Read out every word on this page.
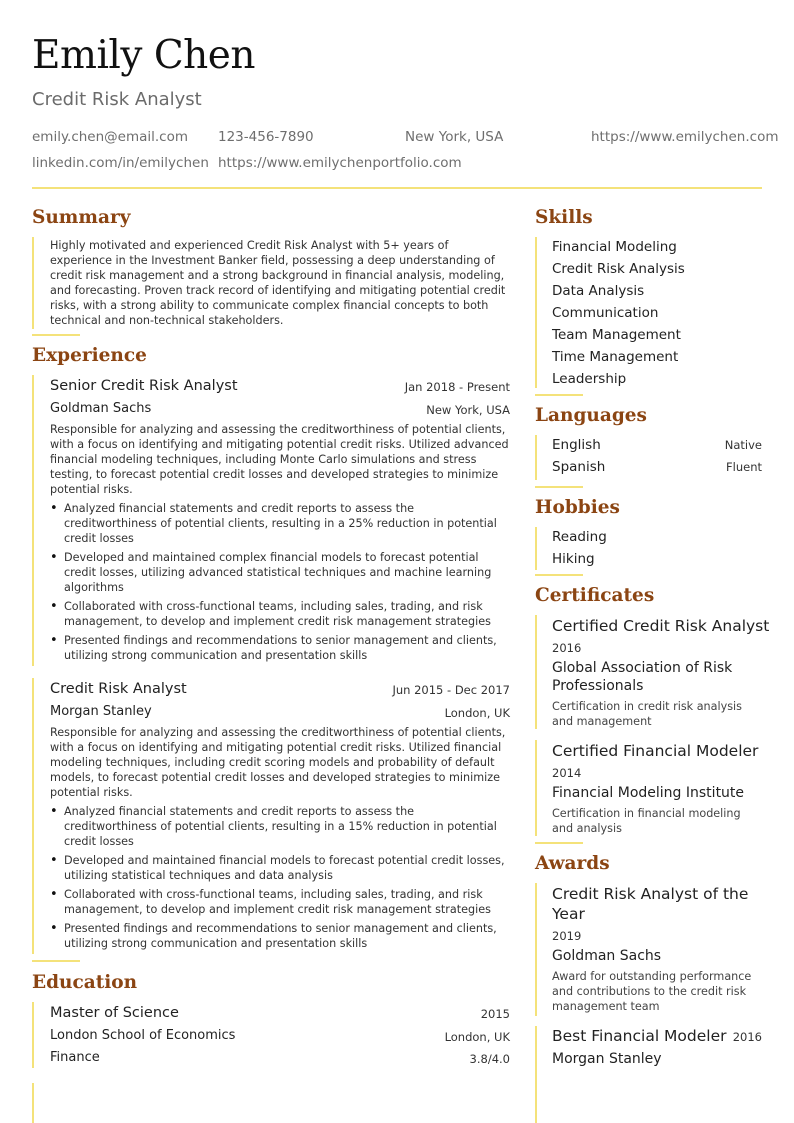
Emily Chen
Credit Risk Analyst
emily.chen@email.com 123-456-7890	New York, USA	https://www.emilychen.com
linkedin.com/in/emilychen https://www.emilychenportfolio.com
Summary
Highly motivated and experienced Credit Risk Analyst with 5+ years of experience in the Investment Banker field, possessing a deep understanding of credit risk management and a strong background in financial analysis, modeling, and forecasting. Proven track record of identifying and mitigating potential credit risks, with a strong ability to communicate complex financial concepts to both technical and non-technical stakeholders.
Experience
Senior Credit Risk Analyst	Jan 2018 - Present
Goldman Sachs	New York, USA
Responsible for analyzing and assessing the creditworthiness of potential clients, with a focus on identifying and mitigating potential credit risks. Utilized advanced financial modeling techniques, including Monte Carlo simulations and stress testing, to forecast potential credit losses and developed strategies to minimize potential risks.
• Analyzed financial statements and credit reports to assess the creditworthiness of potential clients, resulting in a 25% reduction in potential credit losses
• Developed and maintained complex financial models to forecast potential credit losses, utilizing advanced statistical techniques and machine learning algorithms
• Collaborated with cross-functional teams, including sales, trading, and risk management, to develop and implement credit risk management strategies
• Presented findings and recommendations to senior management and clients, utilizing strong communication and presentation skills
Credit Risk Analyst	Jun 2015 - Dec 2017
Morgan Stanley	London, UK
Responsible for analyzing and assessing the creditworthiness of potential clients, with a focus on identifying and mitigating potential credit risks. Utilized financial modeling techniques, including credit scoring models and probability of default models, to forecast potential credit losses and developed strategies to minimize potential risks.
• Analyzed financial statements and credit reports to assess the creditworthiness of potential clients, resulting in a 15% reduction in potential credit losses
• Developed and maintained financial models to forecast potential credit losses, utilizing statistical techniques and data analysis
• Collaborated with cross-functional teams, including sales, trading, and risk management, to develop and implement credit risk management strategies
• Presented findings and recommendations to senior management and clients, utilizing strong communication and presentation skills
Education
Master of Science	2015
London School of Economics	London, UK
Finance	3.8/4.0
Skills
Financial Modeling
Credit Risk Analysis
Data Analysis
Communication
Team Management
Time Management
Leadership
Languages
English	Native
Spanish	Fluent
Hobbies
Reading
Hiking
Certificates
Certified Credit Risk Analyst
2016
Global Association of Risk Professionals
Certification in credit risk analysis and management
Certified Financial Modeler
2014
Financial Modeling Institute
Certification in financial modeling and analysis
Awards
Credit Risk Analyst of the Year
2019
Goldman Sachs
Award for outstanding performance and contributions to the credit risk management team
Best Financial Modeler 2016
Morgan Stanley
